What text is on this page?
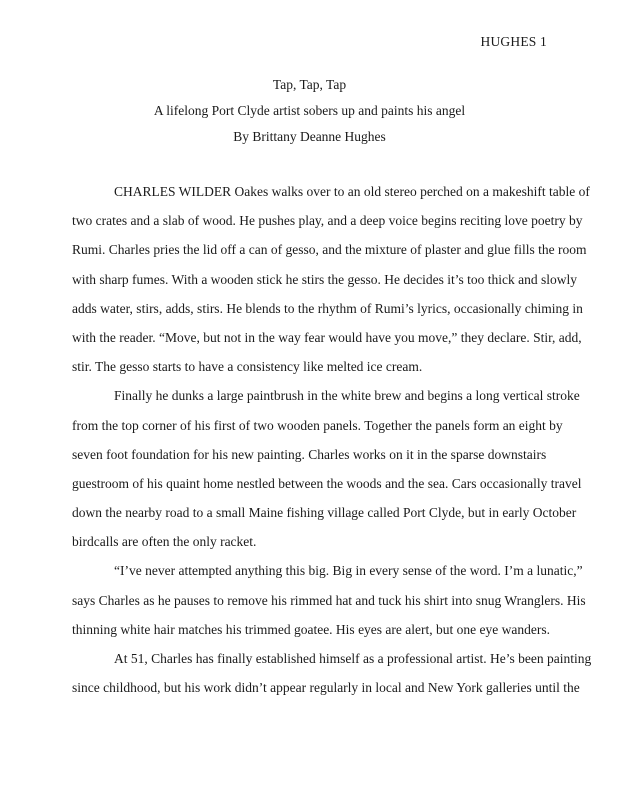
HUGHES 1
Tap, Tap, Tap
A lifelong Port Clyde artist sobers up and paints his angel
By Brittany Deanne Hughes
CHARLES WILDER Oakes walks over to an old stereo perched on a makeshift table of
two crates and a slab of wood. He pushes play, and a deep voice begins reciting love poetry by
Rumi. Charles pries the lid off a can of gesso, and the mixture of plaster and glue fills the room
with sharp fumes. With a wooden stick he stirs the gesso. He decides it’s too thick and slowly
adds water, stirs, adds, stirs. He blends to the rhythm of Rumi’s lyrics, occasionally chiming in
with the reader. “Move, but not in the way fear would have you move,” they declare. Stir, add,
stir. The gesso starts to have a consistency like melted ice cream.
Finally he dunks a large paintbrush in the white brew and begins a long vertical stroke
from the top corner of his first of two wooden panels. Together the panels form an eight by
seven foot foundation for his new painting. Charles works on it in the sparse downstairs
guestroom of his quaint home nestled between the woods and the sea. Cars occasionally travel
down the nearby road to a small Maine fishing village called Port Clyde, but in early October
birdcalls are often the only racket.
“I’ve never attempted anything this big. Big in every sense of the word. I’m a lunatic,”
says Charles as he pauses to remove his rimmed hat and tuck his shirt into snug Wranglers. His
thinning white hair matches his trimmed goatee. His eyes are alert, but one eye wanders.
At 51, Charles has finally established himself as a professional artist. He’s been painting
since childhood, but his work didn’t appear regularly in local and New York galleries until the
